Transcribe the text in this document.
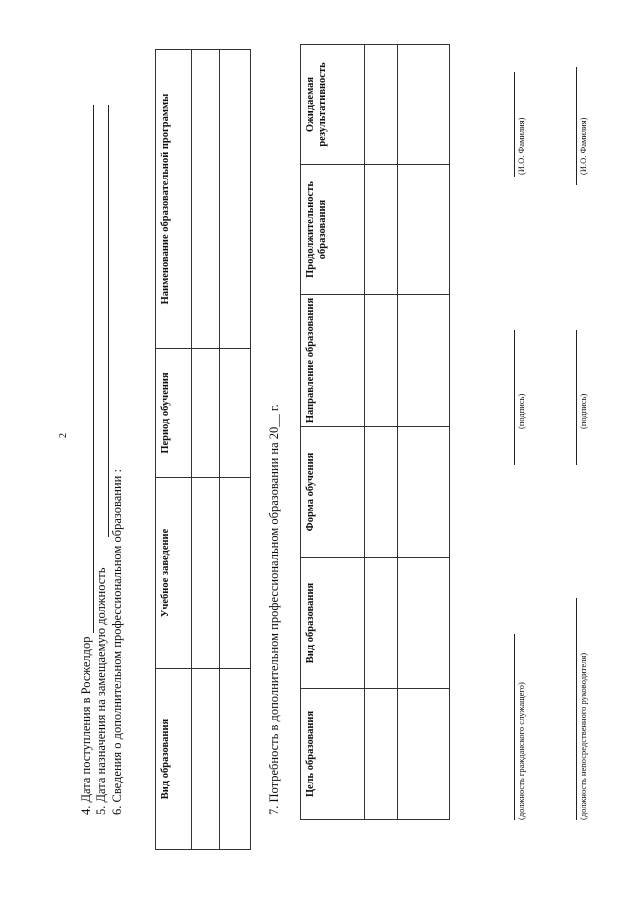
2
4. Дата поступления в Росжелдор 5. Дата назначения на замещаемую должность 6. Сведения о дополнительном профессиональном образовании :	Вид образования	Учебное заведение	Период обучения	Наименование образовательной программы

7. Потребность в дополнительном профессиональном образовании на 20__ г. Цель образования	Вид образования	Форма обучения	Направление образования	Продолжительность образования	Ожидаемая результативность

(должность гражданского служащего)
(подпись)
(И.О. Фамилия)
(должность непосредственного руководителя)
(подпись)
(И.О. Фамилия)
